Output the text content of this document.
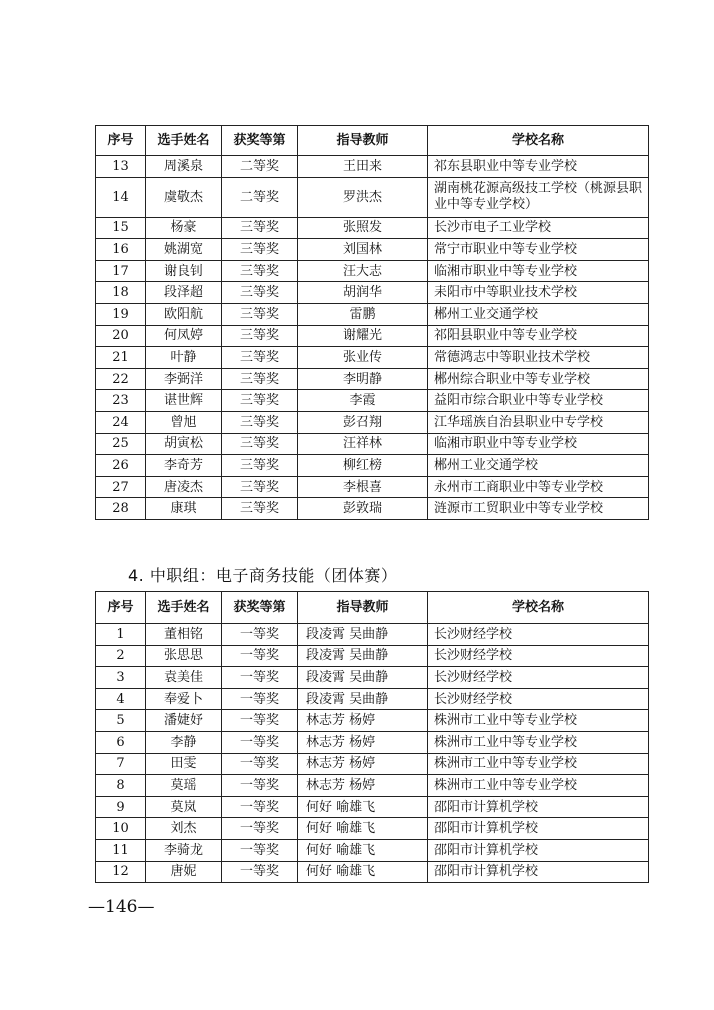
序号	选手姓名	获奖等第	指导教师	学校名称
13	周溪泉	二等奖	王田来	祁东县职业中等专业学校
14	虞敬杰	二等奖	罗洪杰	湖南桃花源高级技工学校（桃源县职业中等专业学校）
15	杨豪	三等奖	张照发	长沙市电子工业学校
16	姚湖宽	三等奖	刘国林	常宁市职业中等专业学校
17	谢良钊	三等奖	汪大志	临湘市职业中等专业学校
18	段泽超	三等奖	胡润华	耒阳市中等职业技术学校
19	欧阳航	三等奖	雷鹏	郴州工业交通学校
20	何凤婷	三等奖	谢耀光	祁阳县职业中等专业学校
21	叶静	三等奖	张业传	常德鸿志中等职业技术学校
22	李弼洋	三等奖	李明静	郴州综合职业中等专业学校
23	谌世辉	三等奖	李霞	益阳市综合职业中等专业学校
24	曾旭	三等奖	彭召翔	江华瑶族自治县职业中专学校
25	胡寅松	三等奖	汪祥林	临湘市职业中等专业学校
26	李奇芳	三等奖	柳红榜	郴州工业交通学校
27	唐凌杰	三等奖	李根喜	永州市工商职业中等专业学校
28	康琪	三等奖	彭敦瑞	涟源市工贸职业中等专业学校
4. 中职组：电子商务技能（团体赛）
序号	选手姓名	获奖等第	指导教师	学校名称
1	董相铭	一等奖	段凌霄 吴曲静	长沙财经学校
2	张思思	一等奖	段凌霄 吴曲静	长沙财经学校
3	袁美佳	一等奖	段凌霄 吴曲静	长沙财经学校
4	奉爱卜	一等奖	段凌霄 吴曲静	长沙财经学校
5	潘婕妤	一等奖	林志芳 杨婷	株洲市工业中等专业学校
6	李静	一等奖	林志芳 杨婷	株洲市工业中等专业学校
7	田雯	一等奖	林志芳 杨婷	株洲市工业中等专业学校
8	莫瑶	一等奖	林志芳 杨婷	株洲市工业中等专业学校
9	莫岚	一等奖	何好 喻雄飞	邵阳市计算机学校
10	刘杰	一等奖	何好 喻雄飞	邵阳市计算机学校
11	李骑龙	一等奖	何好 喻雄飞	邵阳市计算机学校
12	唐妮	一等奖	何好 喻雄飞	邵阳市计算机学校
—146—
